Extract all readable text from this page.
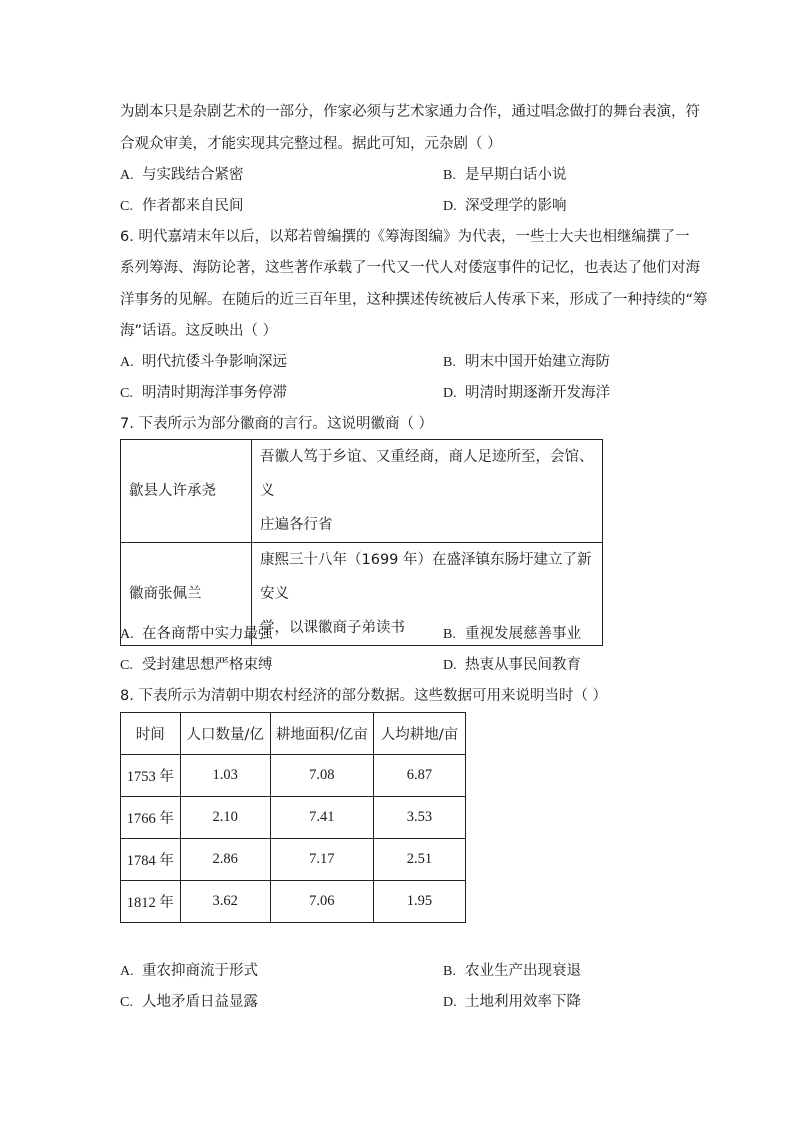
为剧本只是杂剧艺术的一部分，作家必须与艺术家通力合作，通过唱念做打的舞台表演，符
合观众审美，才能实现其完整过程。据此可知，元杂剧（ ）
A. 与实践结合紧密	B. 是早期白话小说
C. 作者都来自民间	D. 深受理学的影响
6. 明代嘉靖末年以后，以郑若曾编撰的《筹海图编》为代表，一些士大夫也相继编撰了一
系列筹海、海防论著，这些著作承载了一代又一代人对倭寇事件的记忆，也表达了他们对海
洋事务的见解。在随后的近三百年里，这种撰述传统被后人传承下来，形成了一种持续的“筹
海”话语。这反映出（ ）
A. 明代抗倭斗争影响深远	B. 明末中国开始建立海防
C. 明清时期海洋事务停滞	D. 明清时期逐渐开发海洋
7. 下表所示为部分徽商的言行。这说明徽商（ ）
歙县人许承尧	吾徽人笃于乡谊、又重经商，商人足迹所至，会馆、义
庄遍各行省

徽商张佩兰	康熙三十八年（1699 年）在盛泽镇东肠圩建立了新安义
学，以课徽商子弟读书
A. 在各商帮中实力最强	B. 重视发展慈善事业
C. 受封建思想严格束缚	D. 热衷从事民间教育
8. 下表所示为清朝中期农村经济的部分数据。这些数据可用来说明当时（ ）
时间	人口数量/亿	耕地面积/亿亩	人均耕地/亩
1753 年	1.03	7.08	6.87
1766 年	2.10	7.41	3.53
1784 年	2.86	7.17	2.51
1812 年	3.62	7.06	1.95
A. 重农抑商流于形式	B. 农业生产出现衰退
C. 人地矛盾日益显露	D. 土地利用效率下降
